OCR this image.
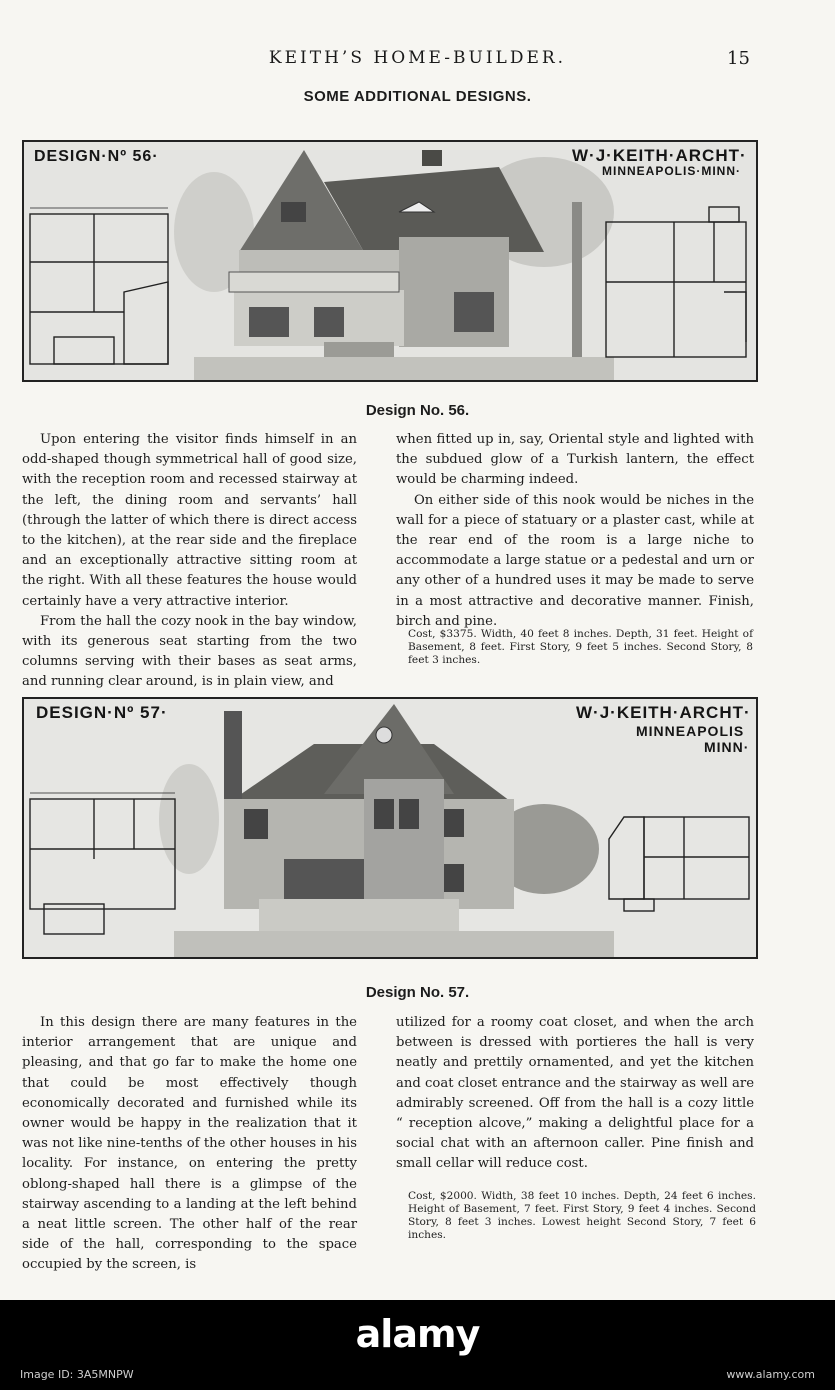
KEITH’S HOME-BUILDER.	15
SOME ADDITIONAL DESIGNS.
DESIGN·Nº 56·	W·J·KEITH·ARCHT·
MINNEAPOLIS·MINN·
Design No. 56.

Upon entering the visitor finds himself in an odd-shaped though symmetrical hall of good size, with the reception room and recessed stairway at the left, the dining room and servants’ hall (through the latter of which there is direct access to the kitchen), at the rear side and the fireplace and an exceptionally attractive sitting room at the right. With all these features the house would certainly have a very attractive interior.

From the hall the cozy nook in the bay window, with its generous seat starting from the two columns serving with their bases as seat arms, and running clear around, is in plain view, and

when fitted up in, say, Oriental style and lighted with the subdued glow of a Turkish lantern, the effect would be charming indeed.

On either side of this nook would be niches in the wall for a piece of statuary or a plaster cast, while at the rear end of the room is a large niche to accommodate a large statue or a pedestal and urn or any other of a hundred uses it may be made to serve in a most attractive and decorative manner. Finish, birch and pine.

Cost, $3375. Width, 40 feet 8 inches. Depth, 31 feet. Height of Basement, 8 feet. First Story, 9 feet 5 inches. Second Story, 8 feet 3 inches.
DESIGN·Nº 57·	W·J·KEITH·ARCHT·
MINNEAPOLIS
MINN·
Design No. 57.

In this design there are many features in the interior arrangement that are unique and pleasing, and that go far to make the home one that could be most effectively though economically decorated and furnished while its owner would be happy in the realization that it was not like nine-tenths of the other houses in his locality. For instance, on entering the pretty oblong-shaped hall there is a glimpse of the stairway ascending to a landing at the left behind a neat little screen. The other half of the rear side of the hall, corresponding to the space occupied by the screen, is

utilized for a roomy coat closet, and when the arch between is dressed with portieres the hall is very neatly and prettily ornamented, and yet the kitchen and coat closet entrance and the stairway as well are admirably screened. Off from the hall is a cozy little “ reception alcove,” making a delightful place for a social chat with an afternoon caller. Pine finish and small cellar will reduce cost.

Cost, $2000. Width, 38 feet 10 inches. Depth, 24 feet 6 inches. Height of Basement, 7 feet. First Story, 9 feet 4 inches. Second Story, 8 feet 3 inches. Lowest height Second Story, 7 feet 6 inches.
alamy
Image ID: 3A5MNPW	www.alamy.com
